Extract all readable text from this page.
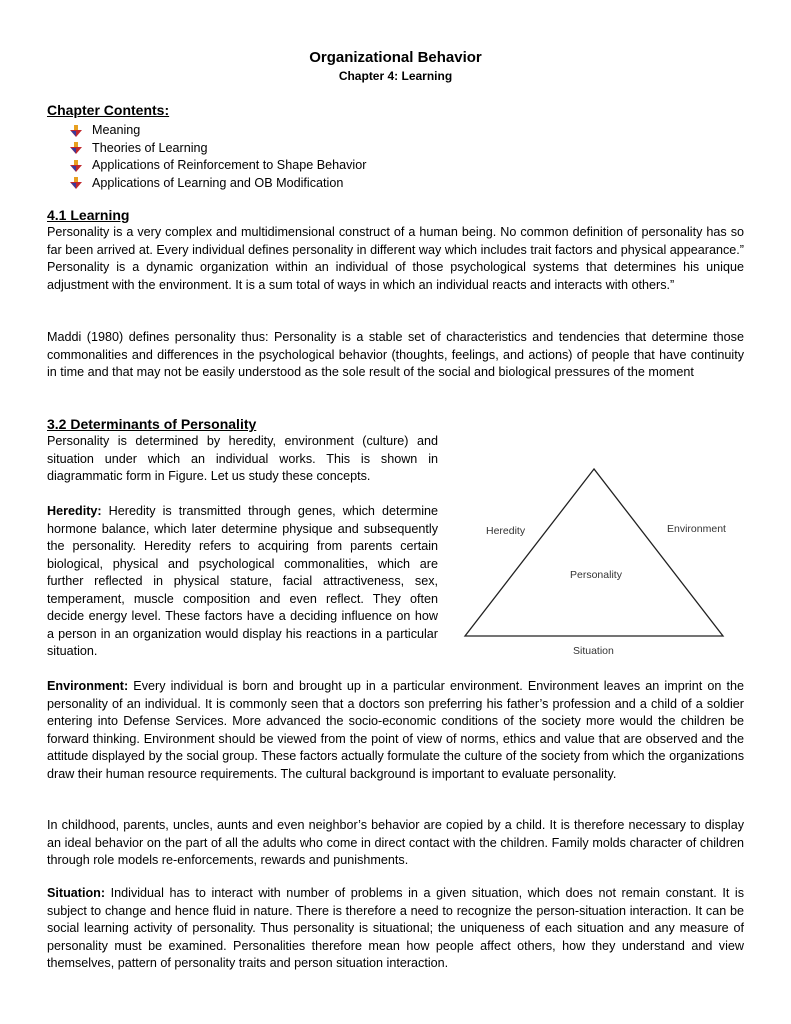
Organizational Behavior
Chapter 4: Learning
Chapter Contents:
Meaning
Theories of Learning
Applications of Reinforcement to Shape Behavior
Applications of Learning and OB Modification
4.1 Learning

Personality is a very complex and multidimensional construct of a human being. No common definition of personality has so far been arrived at. Every individual defines personality in different way which includes trait factors and physical appearance.” Personality is a dynamic organization within an individual of those psychological systems that determines his unique adjustment with the environment. It is a sum total of ways in which an individual reacts and interacts with others.”

Maddi (1980) defines personality thus: Personality is a stable set of characteristics and tendencies that determine those commonalities and differences in the psychological behavior (thoughts, feelings, and actions) of people that have continuity in time and that may not be easily understood as the sole result of the social and biological pressures of the moment

3.2 Determinants of Personality

Personality is determined by heredity, environment (culture) and situation under which an individual works. This is shown in diagrammatic form in Figure. Let us study these concepts.

Heredity: Heredity is transmitted through genes, which determine hormone balance, which later determine physique and subsequently the personality. Heredity refers to acquiring from parents certain biological, physical and psychological commonalities, which are further reflected in physical stature, facial attractiveness, sex, temperament, muscle composition and even reflect. They often decide energy level. These factors have a deciding influence on how a person in an organization would display his reactions in a particular situation.

Heredity	Environment
Personality
Situation

Environment: Every individual is born and brought up in a particular environment. Environment leaves an imprint on the personality of an individual. It is commonly seen that a doctors son preferring his father’s profession and a child of a soldier entering into Defense Services. More advanced the socio-economic conditions of the society more would the children be forward thinking. Environment should be viewed from the point of view of norms, ethics and value that are observed and the attitude displayed by the social group. These factors actually formulate the culture of the society from which the organizations draw their human resource requirements. The cultural background is important to evaluate personality.

In childhood, parents, uncles, aunts and even neighbor’s behavior are copied by a child. It is therefore necessary to display an ideal behavior on the part of all the adults who come in direct contact with the children. Family molds character of children through role models re-enforcements, rewards and punishments.

Situation: Individual has to interact with number of problems in a given situation, which does not remain constant. It is subject to change and hence fluid in nature. There is therefore a need to recognize the person-situation interaction. It can be social learning activity of personality. Thus personality is situational; the uniqueness of each situation and any measure of personality must be examined. Personalities therefore mean how people affect others, how they understand and view themselves, pattern of personality traits and person situation interaction.
